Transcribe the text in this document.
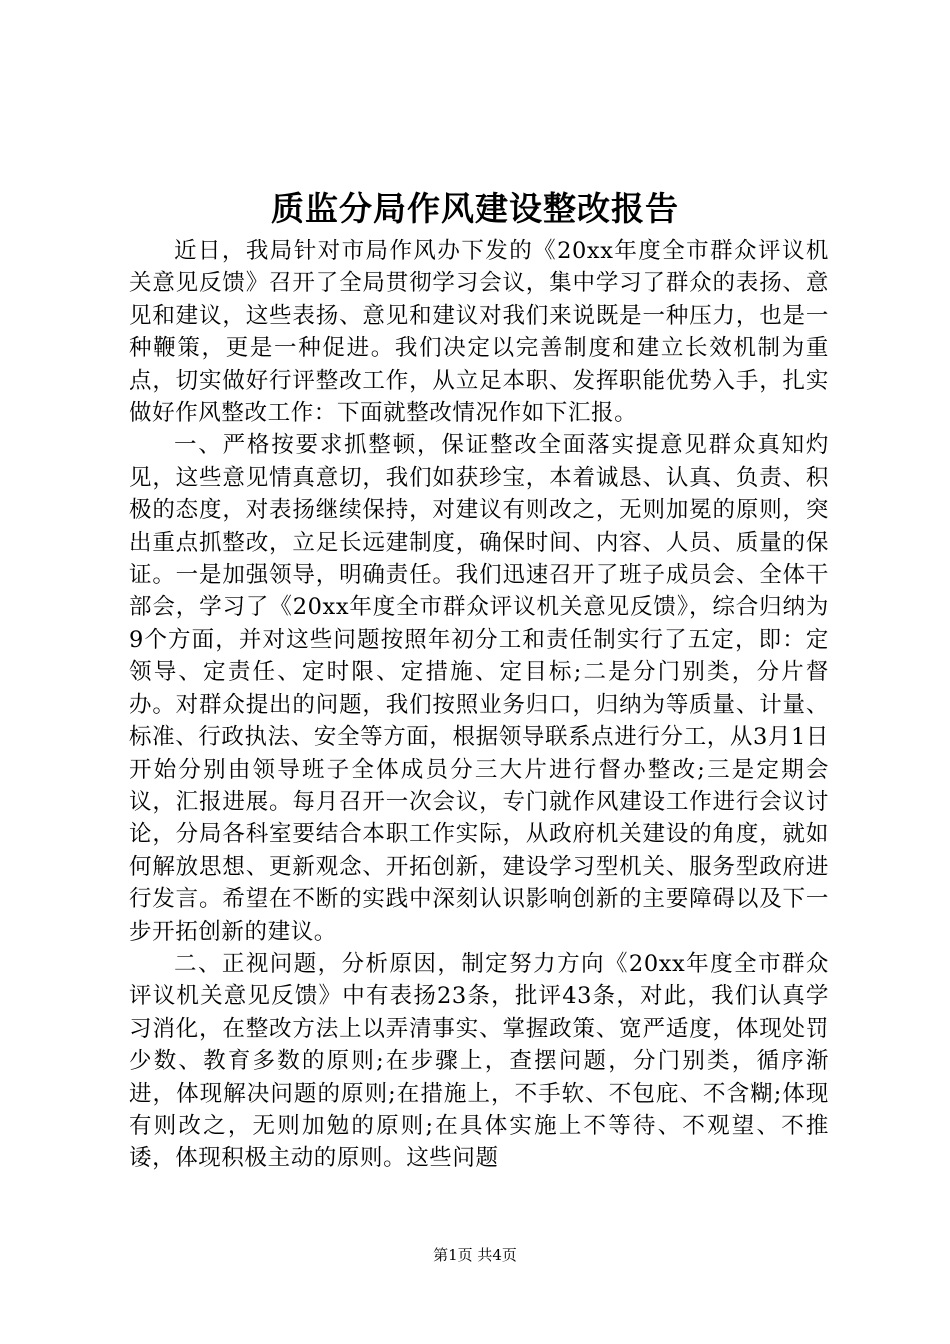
质监分局作风建设整改报告

近日，我局针对市局作风办下发的《20xx年度全市群众评议机关意见反馈》召开了全局贯彻学习会议，集中学习了群众的表扬、意见和建议，这些表扬、意见和建议对我们来说既是一种压力，也是一种鞭策，更是一种促进。我们决定以完善制度和建立长效机制为重点，切实做好行评整改工作，从立足本职、发挥职能优势入手，扎实做好作风整改工作：下面就整改情况作如下汇报。

一、严格按要求抓整顿，保证整改全面落实提意见群众真知灼见，这些意见情真意切，我们如获珍宝，本着诚恳、认真、负责、积极的态度，对表扬继续保持，对建议有则改之，无则加冕的原则，突出重点抓整改，立足长远建制度，确保时间、内容、人员、质量的保证。一是加强领导，明确责任。我们迅速召开了班子成员会、全体干部会，学习了《20xx年度全市群众评议机关意见反馈》，综合归纳为9个方面，并对这些问题按照年初分工和责任制实行了五定，即：定领导、定责任、定时限、定措施、定目标;二是分门别类，分片督办。对群众提出的问题，我们按照业务归口，归纳为等质量、计量、标准、行政执法、安全等方面，根据领导联系点进行分工，从3月1日开始分别由领导班子全体成员分三大片进行督办整改;三是定期会议，汇报进展。每月召开一次会议，专门就作风建设工作进行会议讨论，分局各科室要结合本职工作实际，从政府机关建设的角度，就如何解放思想、更新观念、开拓创新，建设学习型机关、服务型政府进行发言。希望在不断的实践中深刻认识影响创新的主要障碍以及下一步开拓创新的建议。

二、正视问题，分析原因，制定努力方向《20xx年度全市群众评议机关意见反馈》中有表扬23条，批评43条，对此，我们认真学习消化，在整改方法上以弄清事实、掌握政策、宽严适度，体现处罚少数、教育多数的原则;在步骤上，查摆问题，分门别类，循序渐进，体现解决问题的原则;在措施上，不手软、不包庇、不含糊;体现有则改之，无则加勉的原则;在具体实施上不等待、不观望、不推诿，体现积极主动的原则。这些问题

第1页 共4页
